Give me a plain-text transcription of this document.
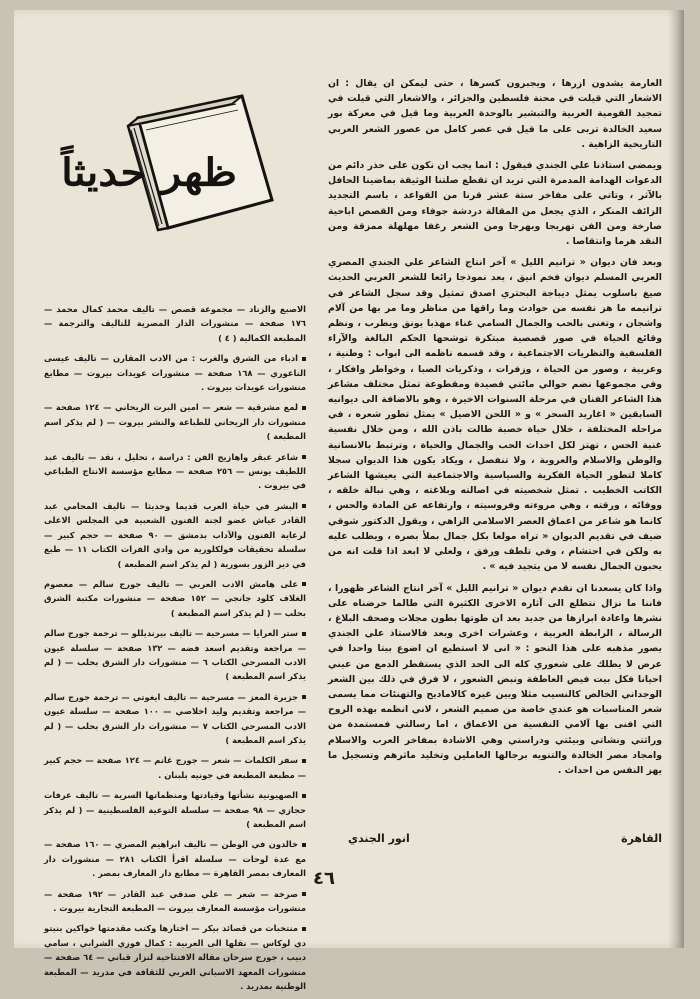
ظهر حديثاً

العارمة يشدون ازرها ، ويجبرون كسرها ، حتى ليمكن ان يقال : ان الاشعار التي قيلت في محنة فلسطين والجزائر ، والاشعار التي قيلت في تمجيد القومية العربية والتبشير بالوحدة العربية وما قيل في معركة بور سعيد الخالدة تربى على ما قيل في عصر كامل من عصور الشعر العربي التاريخية الزاهية .

ويمضي استاذنا علي الجندي فيقول : انما يجب ان نكون على حذر دائم من الدعوات الهدامة المدمرة التي تريد ان تقطع صلتنا الوثيقة بماضينا الحافل بالآثر ، وتاتي على مفاخر ستة عشر قرنا من القواعد ، باسم التجديد الزائف المنكر ، الذي يجعل من المقالة دردشة جوفاء ومن القصص اباحية صارخة ومن الفن تهريجا وبهرجا ومن الشعر رغفا مهلهلة ممزقة ومن النقد هرما وانتقاصا .

وبعد فان ديوان « ترانيم الليل » آخر انتاج الشاعر علي الجندي المصري العربي المسلم ديوان فخم انيق ، يعد نموذجا رائعا للشعر العربي الحديث صيغ باسلوب يمثل ديباجة البحتري اصدق تمثيل وقد سجل الشاعر في ترانيمه ما هز نفسه من حوادث وما راقها من مناظر وما مر بها من آلام واشجان ، وتغنى بالحب والجمال السامي غناء مهذبا يونق ويطرب ، ونظم وقائع الحياة في صور قصصية مبتكرة توشحها الحكم البالغة والآراء الفلسفية والنظريات الاجتماعية ، وقد قسمه ناظمه الى ابواب : وطنية ، وعربية ، وصور من الحياة ، وزفرات ، وذكريات الصبا ، وخواطر وافكار ، وفي مجموعها نضم حوالي مائتي قصيدة ومقطوعة تمثل مختلف مشاعر هذا الشاعر الفنان في مرحلة السنوات الاخيرة ، وهو بالاضافة الى ديوانيه السابقين « اغاريد السحر » و « اللحن الاصيل » يمثل تطور شعره ، في مراحله المختلفة ، خلال حياة خصبة طالت باذن الله ، ومن خلال نفسية غنية الحس ، تهتز لكل احداث الحب والجمال والحياة ، وترتبط بالانسانية والوطن والاسلام والعروبة ، ولا تنفصل ، ويكاد يكون هذا الديوان سجلا كاملا لتطور الحياة الفكرية والسياسية والاجتماعية التي يعيشها الشاعر الكاتب الخطيب . تمثل شخصيته في اصالته وبلاغته ، وهي نبالة خلقه ، ووفائه ، ورقته ، وهي مروءته وفروسيته ، وارتفاعه عن المادة والحس ، كانما هو شاعر من اعماق العصر الاسلامي الزاهي ، ويقول الدكتور شوقي ضيف في تقديم الديوان « تراه مولعا بكل جمال بملأ بصره ، ويطلب عليه به ولكن في احتشام ، وفي تلطف ورفق ، ولعلي لا ابعد اذا قلت انه من يحبون الجمال نفسه لا من يتجيد فيه » .

واذا كان يسعدنا ان نقدم ديوان « ترانيم الليل » آخر انتاج الشاعر ظهورا ، فاننا ما نزال نتطلع الى آثاره الاخرى الكثيرة التي طالما حرضناه على نشرها واعادة ابرازها من جديد بعد ان طوتها بطون مجلات وصحف البلاغ ، الرسالة ، الرابطة العربية ، وعشرات اخرى وبعد فالاستاذ علي الجندي يصور مذهبه على هذا النحو : « انى لا استطيع ان اضوع بيتا واحدا في عرض لا يطلك على شعوري كله الى الحد الذي يستقطر الدمع من عيني احيانا فكل بيت فيض العاطفة ونبض الشعور ، لا فرق في ذلك بين الشعر الوجداني الخالص كالنسيب مثلا وبين غيره كالاماديح والتهنئات مما يسمى شعر المناسبات هو عندي خاصة من صميم الشعر ، لاني انظمه بهذه الروح التي افنى بها آلامي النفسية من الاعماق ، اما رسالتي فمستمدة من وراثتي ونشاتي وبيئتي ودراستي وهي الاشادة بمفاخر العرب والاسلام وامجاد مصر الخالدة والتنويه برجالها العاملين وتخليد ماثرهم وتسجيل ما يهز النفس من احداث .

القاهرة
انور الجندي
الاصبع والزناد — مجموعة قصص — تاليف محمد كمال محمد — ١٧٦ صفحة — منشورات الدار المصرية للتاليف والترجمة — المطبعة الكمالية ( ٤ )
ادباء من الشرق والغرب : من الادب المقارن — تاليف عيسى الناعوري — ١٦٨ صفحة — منشورات عويدات بيروت — مطابع منشورات عويدات بيروت .
لمع مشرقية — شعر — امين البرت الريحاني — ١٢٤ صفحة — منشورات دار الريحاني للطباعة والنشر بيروت — ( لم يذكر اسم المطبعة )
شاعر عبقر واهازيج الفن : دراسة ، تحليل ، نقد — تاليف عبد اللطيف يونس — ٢٥٦ صفحة — مطابع مؤسسة الانتاج الطباعي في بيروت .
البشر في حياة العرب قديما وحديثا — تاليف المحامي عبد القادر عياش عضو لجنة الفنون الشعبية في المجلس الاعلى لرعاية الفنون والآداب بدمشق — ٩٠ صفحة — حجم كبير — سلسلة تحقيقات فولكلورية من وادي الفرات الكتاب ١١ — طبع في دير الزور بسورية ( لم يذكر اسم المطبعة )
على هامش الادب العربي — تاليف جورج سالم — معصوم الغلاف كلود جانجي — ١٥٢ صفحة — منشورات مكتبة الشرق بحلب — ( لم يذكر اسم المطبعة )
ستر العرايا — مسرحية — تاليف بيرنديللو — ترجمة جورج سالم — مراجعة وتقديم اسعد فضه — ١٣٢ صفحة — سلسلة عيون الادب المسرحي الكتاب ٦ — منشورات دار الشرق بحلب — ( لم يذكر اسم المطبعة )
جزيرة المعز — مسرحية — تاليف ايغوتي — ترجمة جورج سالم — مراجعة وتقديم وليد اخلاصي — ١٠٠ صفحة — سلسلة عيون الادب المسرحي الكتاب ٧ — منشورات دار الشرق بحلب — ( لم يذكر اسم المطبعة )
سفر الكلمات — شعر — جورج غانم — ١٢٤ صفحة — حجم كبير — مطبعة المطبعة في جونيه بلبنان .
الصهيونية نشأتها وقيادتها ومنظماتها السرية — تاليف عرفات حجازي — ٩٨ صفحة — سلسلة التوعية الفلسطينية — ( لم يذكر اسم المطبعة )
خالدون في الوطن — تاليف ابراهيم المصري — ١٦٠ صفحة — مع عدة لوحات — سلسلة اقرأ الكتاب ٢٨١ — منشورات دار المعارف بمصر القاهرة — مطابع دار المعارف بمصر .
صرخة — شعر — علي صدقي عبد القادر — ١٩٢ صفحة — منشورات مؤسسة المعارف بيروت — المطبعة التجارية بيروت .
منتخبات من قصائد بيكر — اختارها وكتب مقدمتها خواكين بنيتو دي لوكاس — نقلها الى العربية : كمال فوزي الشرابي ، سامي دبيب ، جورج سرحان مقالة الافتتاحية لنزار قباني — ٦٤ صفحة — منشورات المعهد الاسباني العربي للثقافة في مدريد — المطبعة الوطنية بمدريد .
٤٦
